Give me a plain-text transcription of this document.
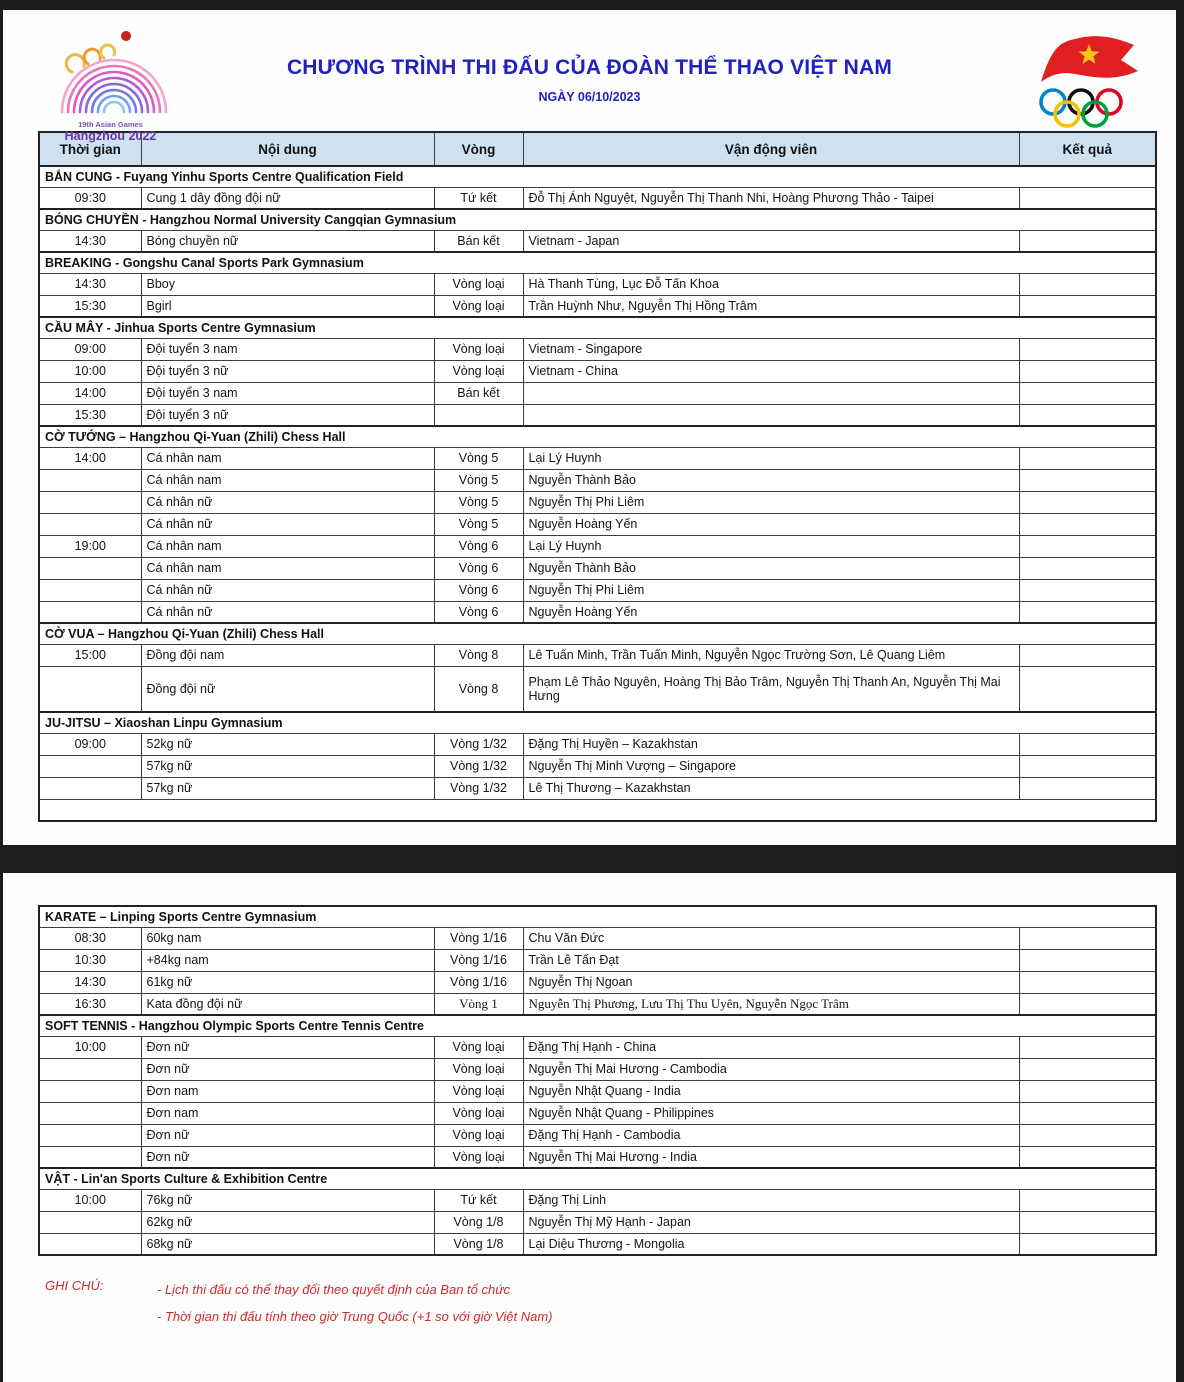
19th Asian Games
Hangzhou 2022
CHƯƠNG TRÌNH THI ĐẤU CỦA ĐOÀN THỂ THAO VIỆT NAM
NGÀY 06/10/2023
Thời gian	Nội dung	Vòng	Vận động viên	Kết quả
BẮN CUNG - Fuyang Yinhu Sports Centre Qualification Field				
09:30	Cung 1 dây đồng đội nữ	Tứ kết	Đỗ Thị Ánh Nguyệt, Nguyễn Thị Thanh Nhi, Hoàng Phương Thảo - Taipei	
BÓNG CHUYỀN - Hangzhou Normal University Cangqian Gymnasium				
14:30	Bóng chuyền nữ	Bán kết	Vietnam - Japan	
BREAKING - Gongshu Canal Sports Park Gymnasium				
14:30	Bboy	Vòng loại	Hà Thanh Tùng, Lục Đỗ Tấn Khoa	
15:30	Bgirl	Vòng loại	Trần Huỳnh Như, Nguyễn Thị Hồng Trâm	
CẦU MÂY - Jinhua Sports Centre Gymnasium				
09:00	Đội tuyển 3 nam	Vòng loại	Vietnam - Singapore	
10:00	Đội tuyển 3 nữ	Vòng loại	Vietnam - China	
14:00	Đội tuyển 3 nam	Bán kết		
15:30	Đội tuyển 3 nữ			
CỜ TƯỚNG – Hangzhou Qi-Yuan (Zhili) Chess Hall				
14:00	Cá nhân nam	Vòng 5	Lại Lý Huynh	
	Cá nhân nam	Vòng 5	Nguyễn Thành Bảo	
	Cá nhân nữ	Vòng 5	Nguyễn Thị Phi Liêm	
	Cá nhân nữ	Vòng 5	Nguyễn Hoàng Yến	
19:00	Cá nhân nam	Vòng 6	Lại Lý Huynh	
	Cá nhân nam	Vòng 6	Nguyễn Thành Bảo	
	Cá nhân nữ	Vòng 6	Nguyễn Thị Phi Liêm	
	Cá nhân nữ	Vòng 6	Nguyễn Hoàng Yến	
CỜ VUA – Hangzhou Qi-Yuan (Zhili) Chess Hall				
15:00	Đồng đội nam	Vòng 8	Lê Tuấn Minh, Trần Tuấn Minh, Nguyễn Ngọc Trường Sơn, Lê Quang Liêm	
	Đồng đội nữ	Vòng 8	Phạm Lê Thảo Nguyên, Hoàng Thị Bảo Trâm, Nguyễn Thị Thanh An, Nguyễn Thị Mai Hưng	
JU-JITSU – Xiaoshan Linpu Gymnasium				
09:00	52kg nữ	Vòng 1/32	Đặng Thị Huyền – Kazakhstan	
	57kg nữ	Vòng 1/32	Nguyễn Thị Minh Vượng – Singapore	
	57kg nữ	Vòng 1/32	Lê Thị Thương – Kazakhstan	

KARATE – Linping Sports Centre Gymnasium				
08:30	60kg nam	Vòng 1/16	Chu Văn Đức	
10:30	+84kg nam	Vòng 1/16	Trần Lê Tấn Đạt	
14:30	61kg nữ	Vòng 1/16	Nguyễn Thị Ngoan	
16:30	Kata đồng đội nữ	Vòng 1	Nguyễn Thị Phương, Lưu Thị Thu Uyên, Nguyễn Ngọc Trâm	
SOFT TENNIS - Hangzhou Olympic Sports Centre Tennis Centre				
10:00	Đơn nữ	Vòng loại	Đặng Thị Hạnh - China	
	Đơn nữ	Vòng loại	Nguyễn Thị Mai Hương - Cambodia	
	Đơn nam	Vòng loại	Nguyễn Nhật Quang - India	
	Đơn nam	Vòng loại	Nguyễn Nhật Quang - Philippines	
	Đơn nữ	Vòng loại	Đặng Thị Hạnh - Cambodia	
	Đơn nữ	Vòng loại	Nguyễn Thị Mai Hương - India	
VẬT - Lin'an Sports Culture & Exhibition Centre				
10:00	76kg nữ	Tứ kết	Đặng Thị Linh	
	62kg nữ	Vòng 1/8	Nguyễn Thị Mỹ Hạnh - Japan	
	68kg nữ	Vòng 1/8	Lại Diệu Thương - Mongolia	
GHI CHÚ:	- Lịch thi đấu có thể thay đổi theo quyết định của Ban tổ chức
- Thời gian thi đấu tính theo giờ Trung Quốc (+1 so với giờ Việt Nam)
